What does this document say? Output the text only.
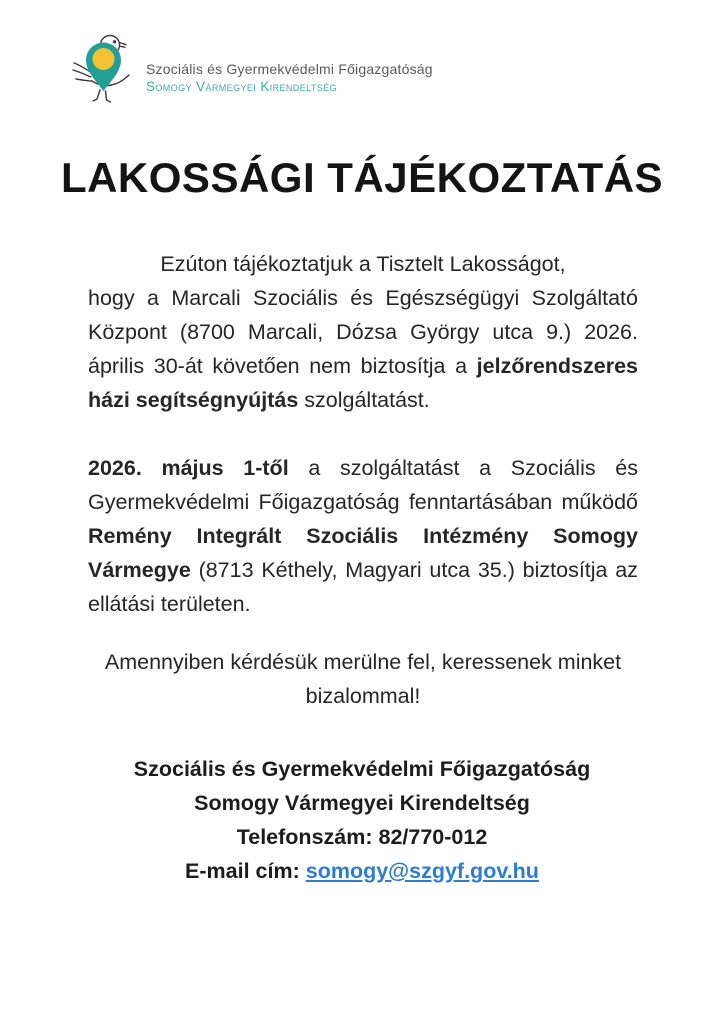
Szociális és Gyermekvédelmi Főigazgatóság
Somogy Vármegyei Kirendeltség
LAKOSSÁGI TÁJÉKOZTATÁS
Ezúton tájékoztatjuk a Tisztelt Lakosságot,
hogy a Marcali Szociális és Egészségügyi Szolgáltató
Központ (8700 Marcali, Dózsa György utca 9.) 2026.
április 30-át követően nem biztosítja a jelzőrendszeres
házi segítségnyújtás szolgáltatást.
2026. május 1-től a szolgáltatást a Szociális és
Gyermekvédelmi Főigazgatóság fenntartásában működő
Remény Integrált Szociális Intézmény Somogy
Vármegye (8713 Kéthely, Magyari utca 35.) biztosítja az
ellátási területen.
Amennyiben kérdésük merülne fel, keressenek minket
bizalommal!
Szociális és Gyermekvédelmi Főigazgatóság
Somogy Vármegyei Kirendeltség
Telefonszám: 82/770-012
E-mail cím: somogy@szgyf.gov.hu
